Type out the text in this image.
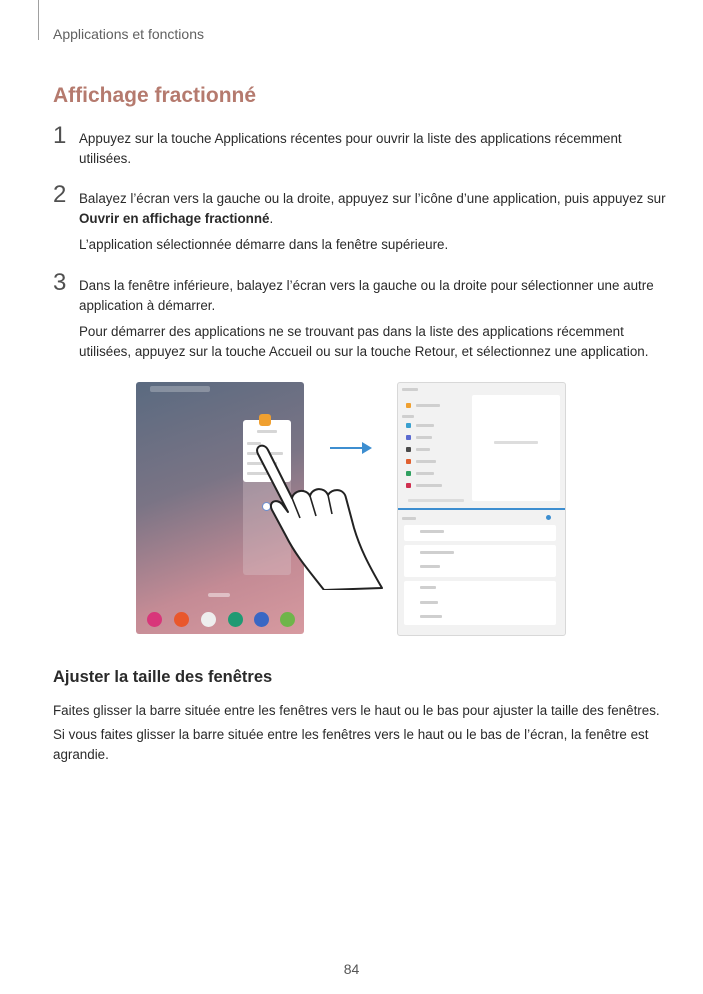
Applications et fonctions
Affichage fractionné
1 Appuyez sur la touche Applications récentes pour ouvrir la liste des applications récemment utilisées.
2 Balayez l’écran vers la gauche ou la droite, appuyez sur l’icône d’une application, puis appuyez sur Ouvrir en affichage fractionné.
L’application sélectionnée démarre dans la fenêtre supérieure.
3 Dans la fenêtre inférieure, balayez l’écran vers la gauche ou la droite pour sélectionner une autre application à démarrer.
Pour démarrer des applications ne se trouvant pas dans la liste des applications récemment utilisées, appuyez sur la touche Accueil ou sur la touche Retour, et sélectionnez une application.
Ajuster la taille des fenêtres
Faites glisser la barre située entre les fenêtres vers le haut ou le bas pour ajuster la taille des fenêtres.
Si vous faites glisser la barre située entre les fenêtres vers le haut ou le bas de l’écran, la fenêtre est agrandie.
84
